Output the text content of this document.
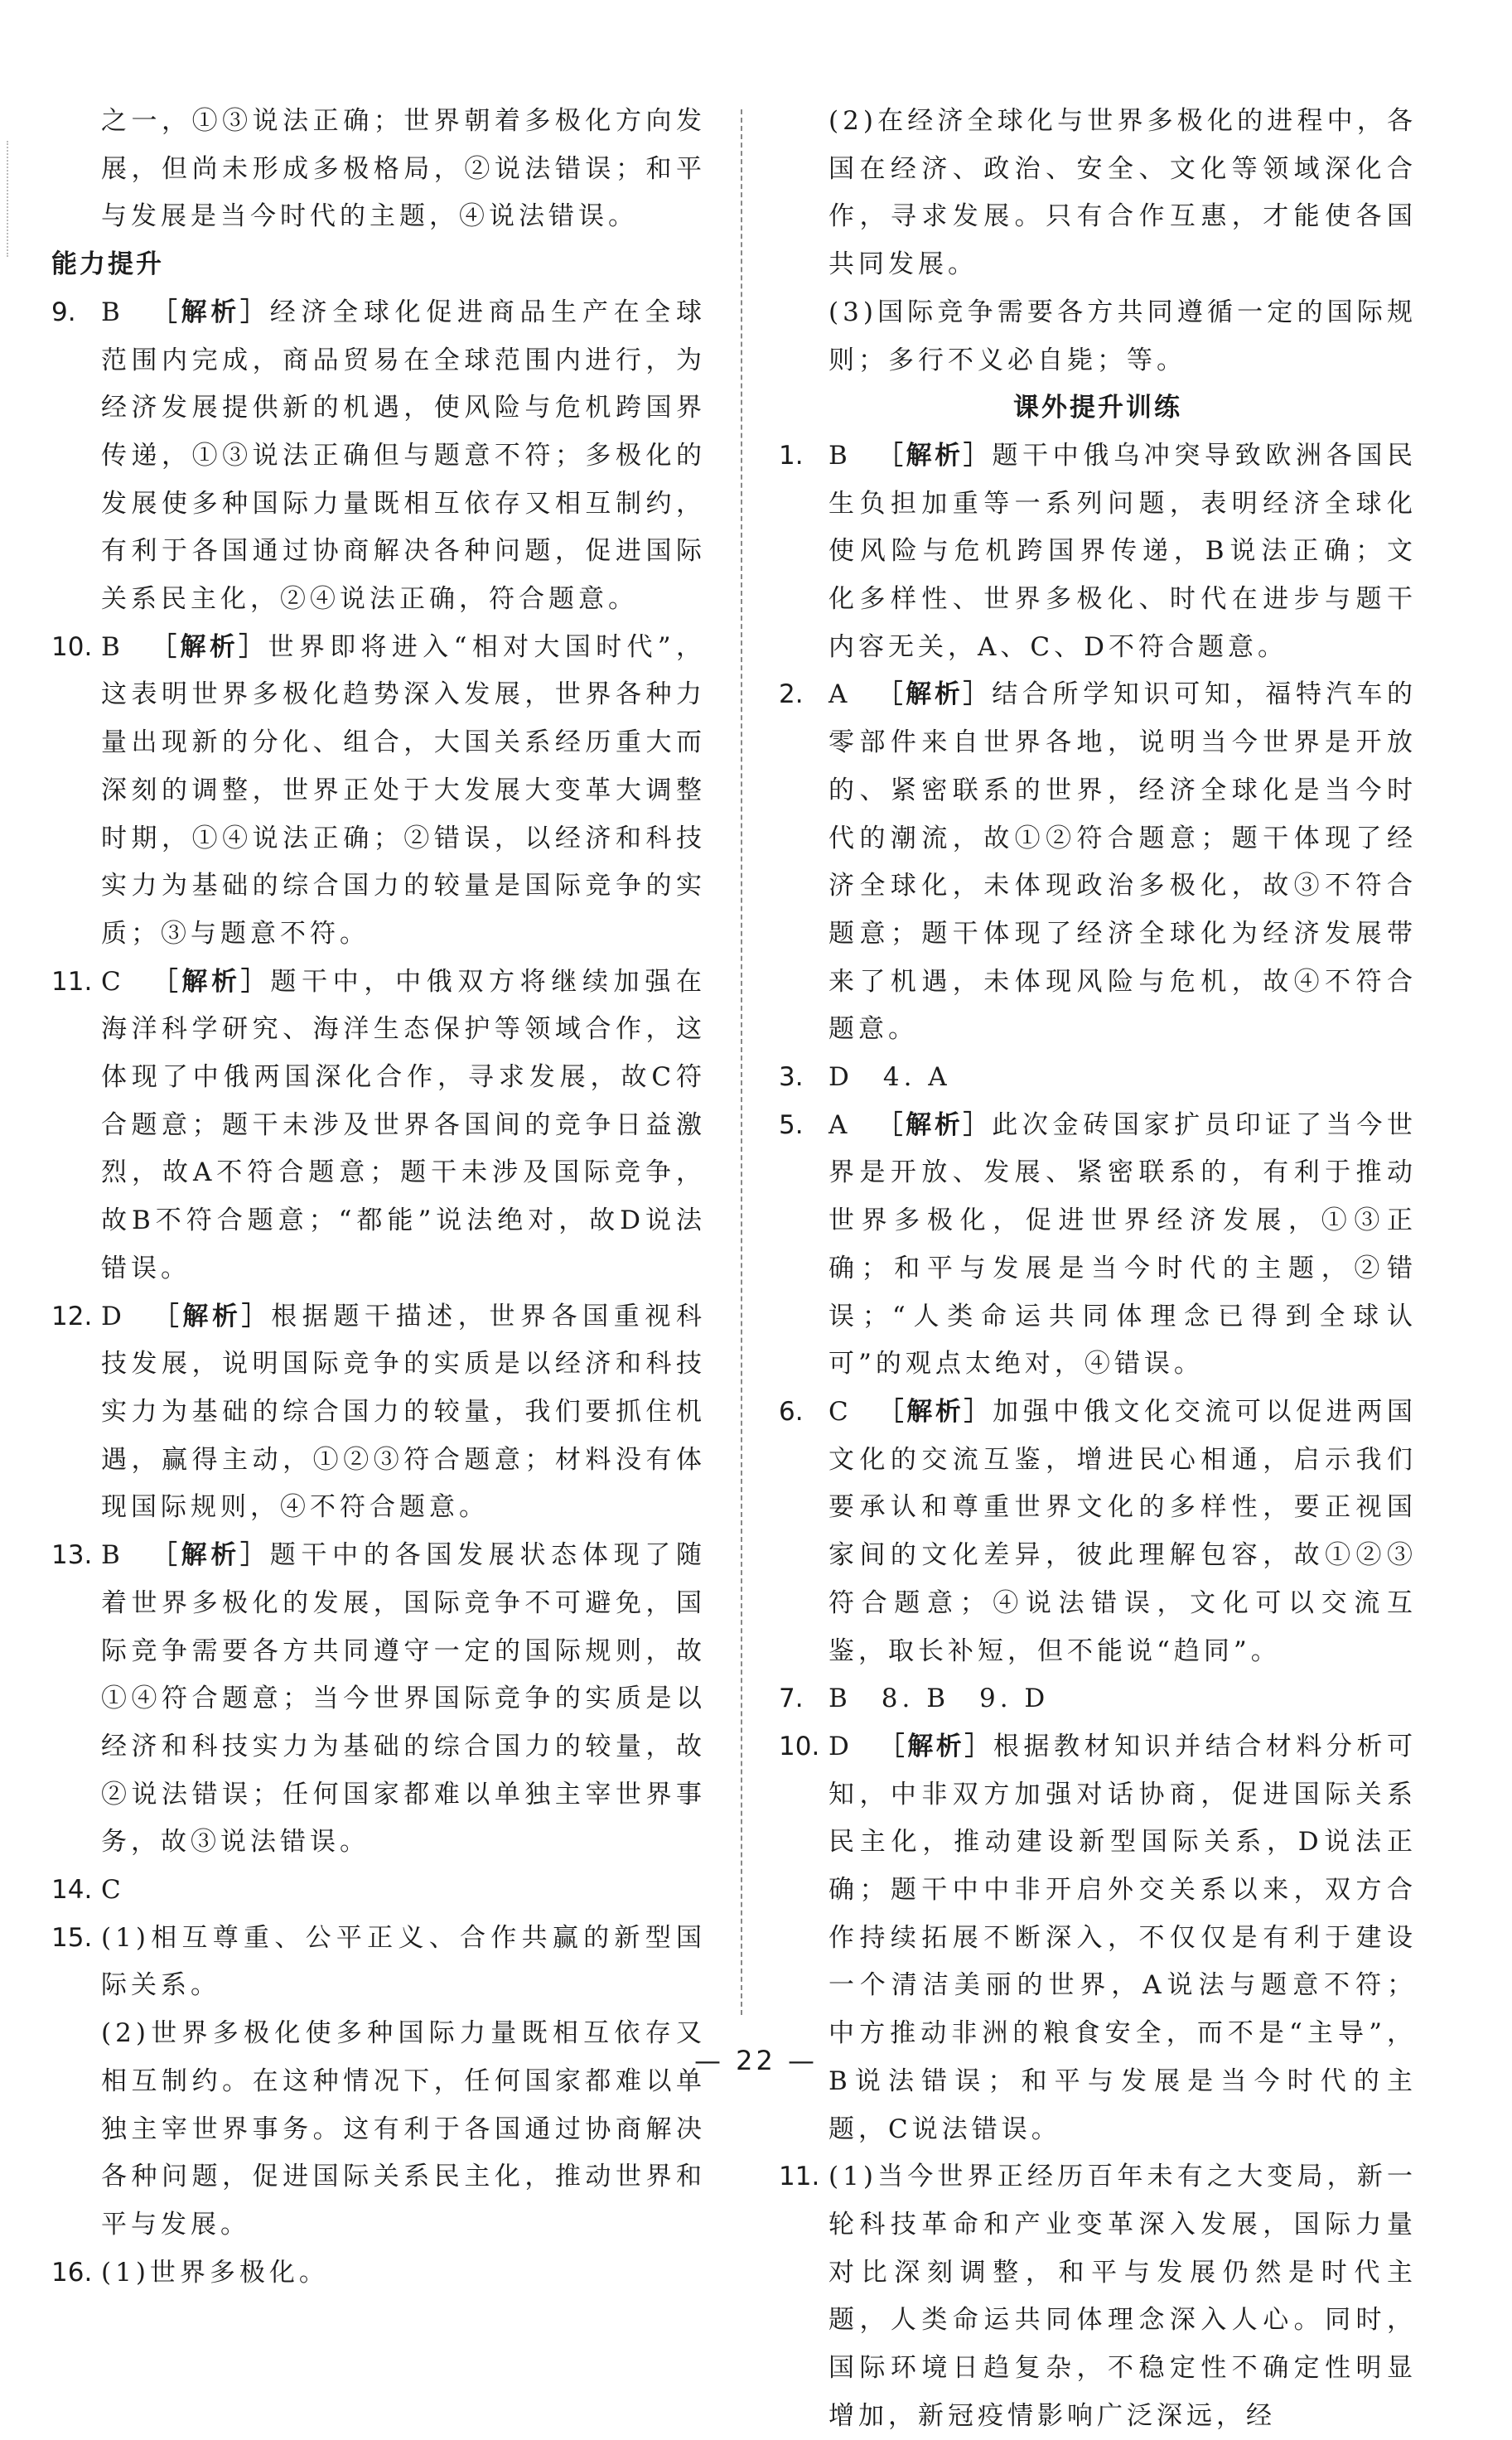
之一，①③说法正确；世界朝着多极化方向发展，但尚未形成多极格局，②说法错误；和平与发展是当今时代的主题，④说法错误。
能力提升
9. B ［解析］经济全球化促进商品生产在全球范围内完成，商品贸易在全球范围内进行，为经济发展提供新的机遇，使风险与危机跨国界传递，①③说法正确但与题意不符；多极化的发展使多种国际力量既相互依存又相互制约，有利于各国通过协商解决各种问题，促进国际关系民主化，②④说法正确，符合题意。
10. B ［解析］世界即将进入“相对大国时代”，这表明世界多极化趋势深入发展，世界各种力量出现新的分化、组合，大国关系经历重大而深刻的调整，世界正处于大发展大变革大调整时期，①④说法正确；②错误，以经济和科技实力为基础的综合国力的较量是国际竞争的实质；③与题意不符。
11. C ［解析］题干中，中俄双方将继续加强在海洋科学研究、海洋生态保护等领域合作，这体现了中俄两国深化合作，寻求发展，故C符合题意；题干未涉及世界各国间的竞争日益激烈，故A不符合题意；题干未涉及国际竞争，故B不符合题意；“都能”说法绝对，故D说法错误。
12. D ［解析］根据题干描述，世界各国重视科技发展，说明国际竞争的实质是以经济和科技实力为基础的综合国力的较量，我们要抓住机遇，赢得主动，①②③符合题意；材料没有体现国际规则，④不符合题意。
13. B ［解析］题干中的各国发展状态体现了随着世界多极化的发展，国际竞争不可避免，国际竞争需要各方共同遵守一定的国际规则，故①④符合题意；当今世界国际竞争的实质是以经济和科技实力为基础的综合国力的较量，故②说法错误；任何国家都难以单独主宰世界事务，故③说法错误。
14. C
15. (1)相互尊重、公平正义、合作共赢的新型国际关系。
(2)世界多极化使多种国际力量既相互依存又相互制约。在这种情况下，任何国家都难以单独主宰世界事务。这有利于各国通过协商解决各种问题，促进国际关系民主化，推动世界和平与发展。
16. (1)世界多极化。
(2)在经济全球化与世界多极化的进程中，各国在经济、政治、安全、文化等领域深化合作，寻求发展。只有合作互惠，才能使各国共同发展。
(3)国际竞争需要各方共同遵循一定的国际规则；多行不义必自毙；等。
课外提升训练
1. B ［解析］题干中俄乌冲突导致欧洲各国民生负担加重等一系列问题，表明经济全球化使风险与危机跨国界传递，B说法正确；文化多样性、世界多极化、时代在进步与题干内容无关，A、C、D不符合题意。
2. A ［解析］结合所学知识可知，福特汽车的零部件来自世界各地，说明当今世界是开放的、紧密联系的世界，经济全球化是当今时代的潮流，故①②符合题意；题干体现了经济全球化，未体现政治多极化，故③不符合题意；题干体现了经济全球化为经济发展带来了机遇，未体现风险与危机，故④不符合题意。
3. D　4. A
5. A ［解析］此次金砖国家扩员印证了当今世界是开放、发展、紧密联系的，有利于推动世界多极化，促进世界经济发展，①③正确；和平与发展是当今时代的主题，②错误；“人类命运共同体理念已得到全球认可”的观点太绝对，④错误。
6. C ［解析］加强中俄文化交流可以促进两国文化的交流互鉴，增进民心相通，启示我们要承认和尊重世界文化的多样性，要正视国家间的文化差异，彼此理解包容，故①②③符合题意；④说法错误，文化可以交流互鉴，取长补短，但不能说“趋同”。
7. B　8. B　9. D
10. D ［解析］根据教材知识并结合材料分析可知，中非双方加强对话协商，促进国际关系民主化，推动建设新型国际关系，D说法正确；题干中中非开启外交关系以来，双方合作持续拓展不断深入，不仅仅是有利于建设一个清洁美丽的世界，A说法与题意不符；中方推动非洲的粮食安全，而不是“主导”，B说法错误；和平与发展是当今时代的主题，C说法错误。
11. (1)当今世界正经历百年未有之大变局，新一轮科技革命和产业变革深入发展，国际力量对比深刻调整，和平与发展仍然是时代主题，人类命运共同体理念深入人心。同时，国际环境日趋复杂，不稳定性不确定性明显增加，新冠疫情影响广泛深远，经
— 22 —
